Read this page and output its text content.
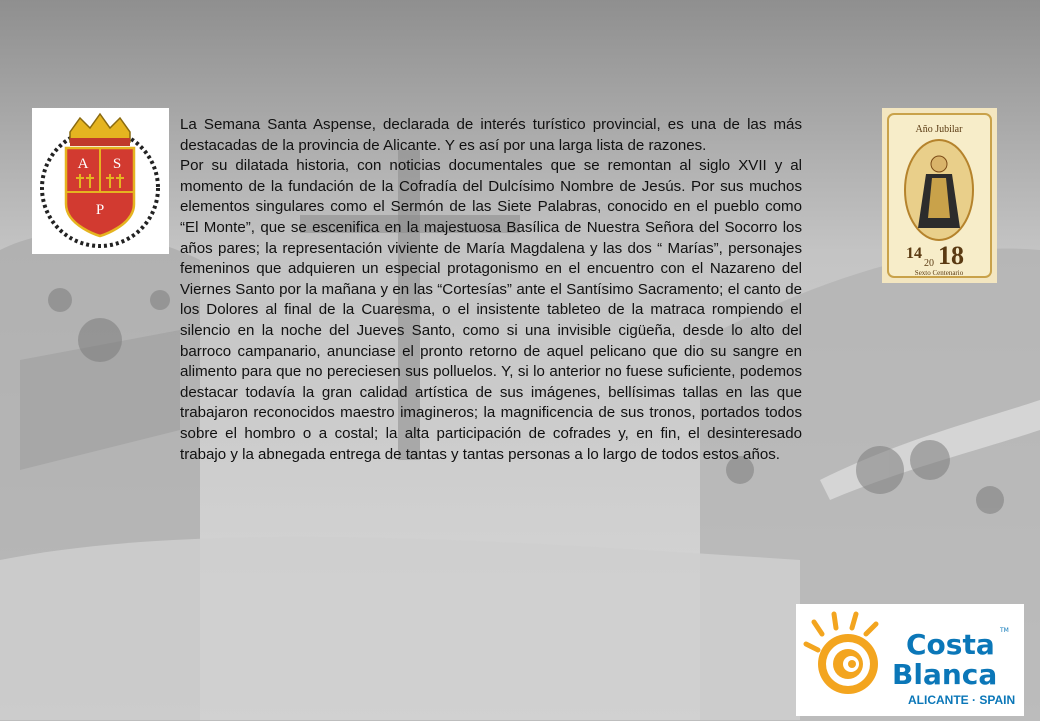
A S
P

La Semana Santa Aspense, declarada de interés turístico provincial, es una de las más destacadas de la provincia de Alicante. Y es así por una larga lista de razones.

Por su dilatada historia, con noticias documentales que se remontan al siglo XVII y al momento de la fundación de la Cofradía del Dulcísimo Nombre de Jesús. Por sus muchos elementos singulares como el Sermón de las Siete Palabras, conocido en el pueblo como “El Monte”, que se escenifica en la majestuosa Basílica de Nuestra Señora del Socorro los años pares; la representación viviente de María Magdalena y las dos “ Marías”, personajes femeninos que adquieren un especial protagonismo en el encuentro con el Nazareno del Viernes Santo por la mañana y en las “Cortesías” ante el Santísimo Sacramento; el canto de los Dolores al final de la Cuaresma, o el insistente tableteo de la matraca rompiendo el silencio en la noche del Jueves Santo, como si una invisible cigüeña, desde lo alto del barroco campanario, anunciase el pronto retorno de aquel pelicano que dio su sangre en alimento para que no pereciesen sus polluelos. Y, si lo anterior no fuese suficiente, podemos destacar todavía la gran calidad artística de sus imágenes, bellísimas tallas en las que trabajaron reconocidos maestro imagineros; la magnificencia de sus tronos, portados todos sobre el hombro o a costal; la alta participación de cofrades y, en fin, el desinteresado trabajo y la abnegada entrega de tantas y tantas personas a lo largo de todos estos años.

Año Jubilar
14
20 18
Sexto Centenario
Costa TM
Blanca
ALICANTE · SPAIN
